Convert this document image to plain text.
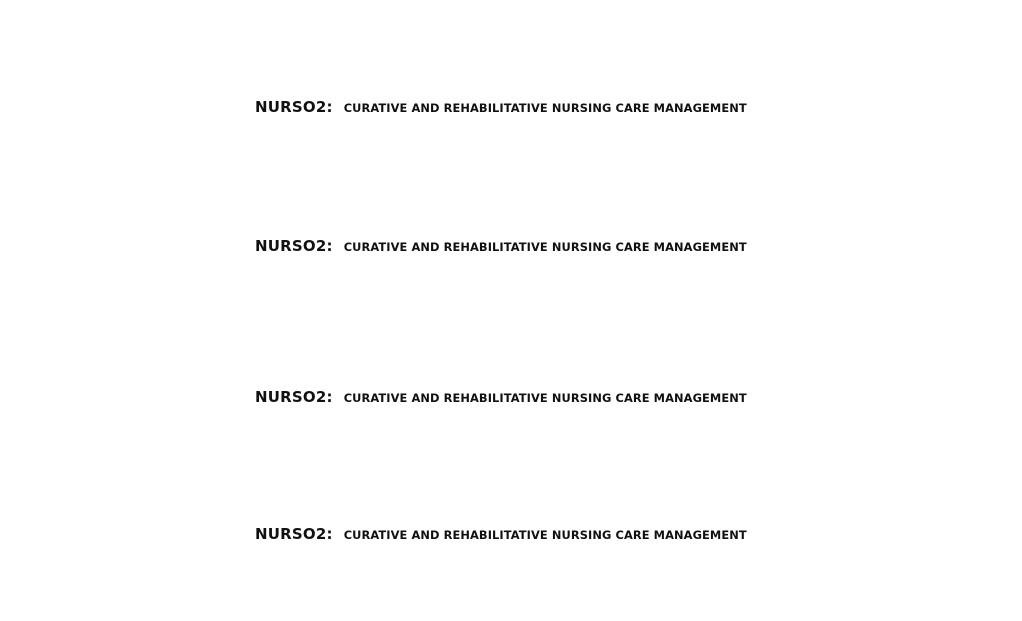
NURSO2: CURATIVE AND REHABILITATIVE NURSING CARE MANAGEMENT
NURSO2: CURATIVE AND REHABILITATIVE NURSING CARE MANAGEMENT
NURSO2: CURATIVE AND REHABILITATIVE NURSING CARE MANAGEMENT
NURSO2: CURATIVE AND REHABILITATIVE NURSING CARE MANAGEMENT
